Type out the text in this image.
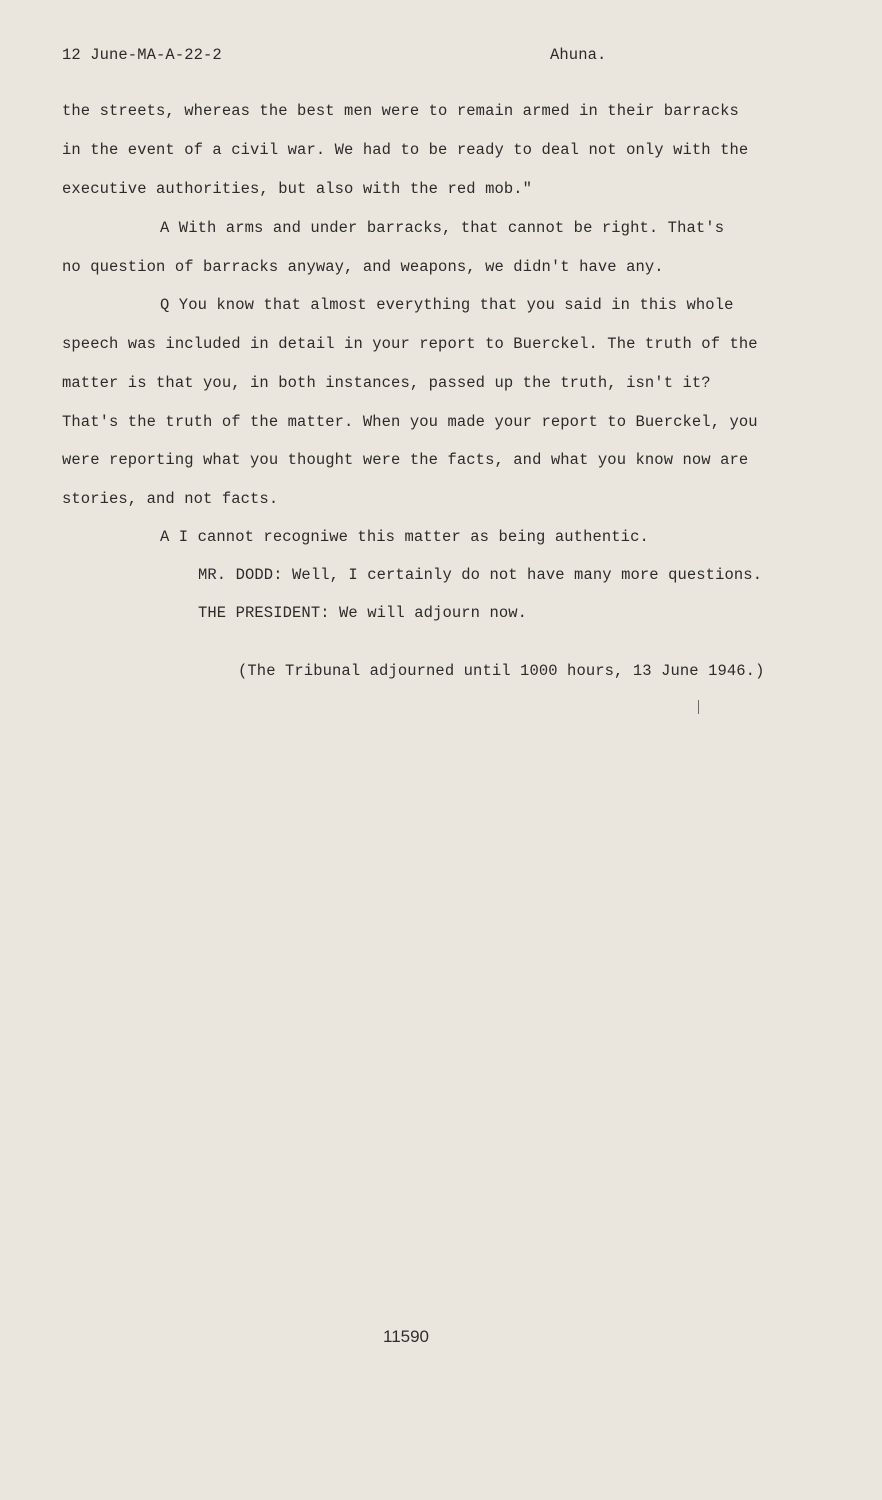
12 June-MA-A-22-2	Ahuna.
the streets, whereas the best men were to remain armed in their barracks
in the event of a civil war. We had to be ready to deal not only with the
executive authorities, but also with the red mob."
A With arms and under barracks, that cannot be right. That's
no question of barracks anyway, and weapons, we didn't have any.
Q You know that almost everything that you said in this whole
speech was included in detail in your report to Buerckel. The truth of the
matter is that you, in both instances, passed up the truth, isn't it?
That's the truth of the matter. When you made your report to Buerckel, you
were reporting what you thought were the facts, and what you know now are
stories, and not facts.
A I cannot recogniwe this matter as being authentic.
MR. DODD: Well, I certainly do not have many more questions.
THE PRESIDENT: We will adjourn now.
(The Tribunal adjourned until 1000 hours, 13 June 1946.)
11590
